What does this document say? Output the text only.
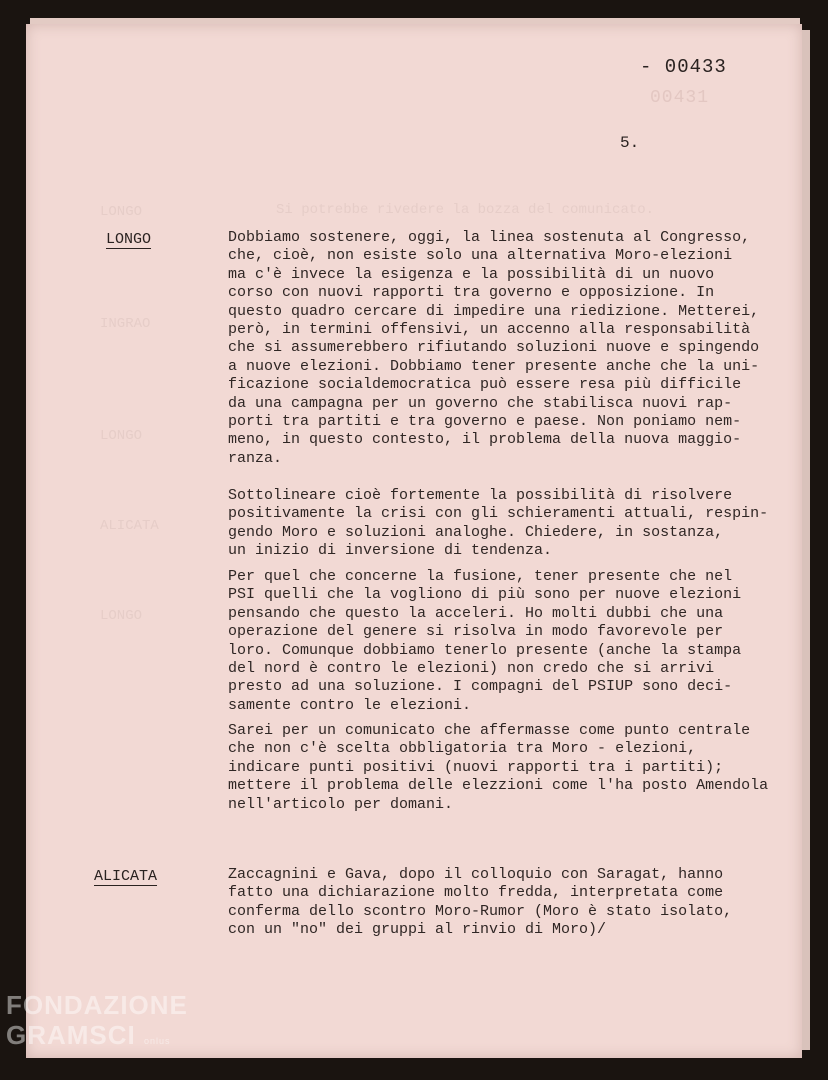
LONGO	Si potrebbe rivedere la bozza del comunicato.
INGRAO
LONGO
ALICATA
LONGO
- 00433
00431
5.
LONGO	Dobbiamo sostenere, oggi, la linea sostenuta al Congresso,
che, cioè, non esiste solo una alternativa Moro-elezioni
ma c'è invece la esigenza e la possibilità di un nuovo
corso con nuovi rapporti tra governo e opposizione. In
questo quadro cercare di impedire una riedizione. Metterei,
però, in termini offensivi, un accenno alla responsabilità
che si assumerebbero rifiutando soluzioni nuove e spingendo
a nuove elezioni. Dobbiamo tener presente anche che la uni-
ficazione socialdemocratica può essere resa più difficile
da una campagna per un governo che stabilisca nuovi rap-
porti tra partiti e tra governo e paese. Non poniamo nem-
meno, in questo contesto, il problema della nuova maggio-
ranza.
Sottolineare cioè fortemente la possibilità di risolvere
positivamente la crisi con gli schieramenti attuali, respin-
gendo Moro e soluzioni analoghe. Chiedere, in sostanza,
un inizio di inversione di tendenza.
Per quel che concerne la fusione, tener presente che nel
PSI quelli che la vogliono di più sono per nuove elezioni
pensando che questo la acceleri. Ho molti dubbi che una
operazione del genere si risolva in modo favorevole per
loro. Comunque dobbiamo tenerlo presente (anche la stampa
del nord è contro le elezioni) non credo che si arrivi
presto ad una soluzione. I compagni del PSIUP sono deci-
samente contro le elezioni.
Sarei per un comunicato che affermasse come punto centrale
che non c'è scelta obbligatoria tra Moro - elezioni,
indicare punti positivi (nuovi rapporti tra i partiti);
mettere il problema delle elezzioni come l'ha posto Amendola
nell'articolo per domani.
ALICATA	Zaccagnini e Gava, dopo il colloquio con Saragat, hanno
fatto una dichiarazione molto fredda, interpretata come
conferma dello scontro Moro-Rumor (Moro è stato isolato,
con un "no" dei gruppi al rinvio di Moro)/
FONDAZIONE
GRAMSCI onlus
